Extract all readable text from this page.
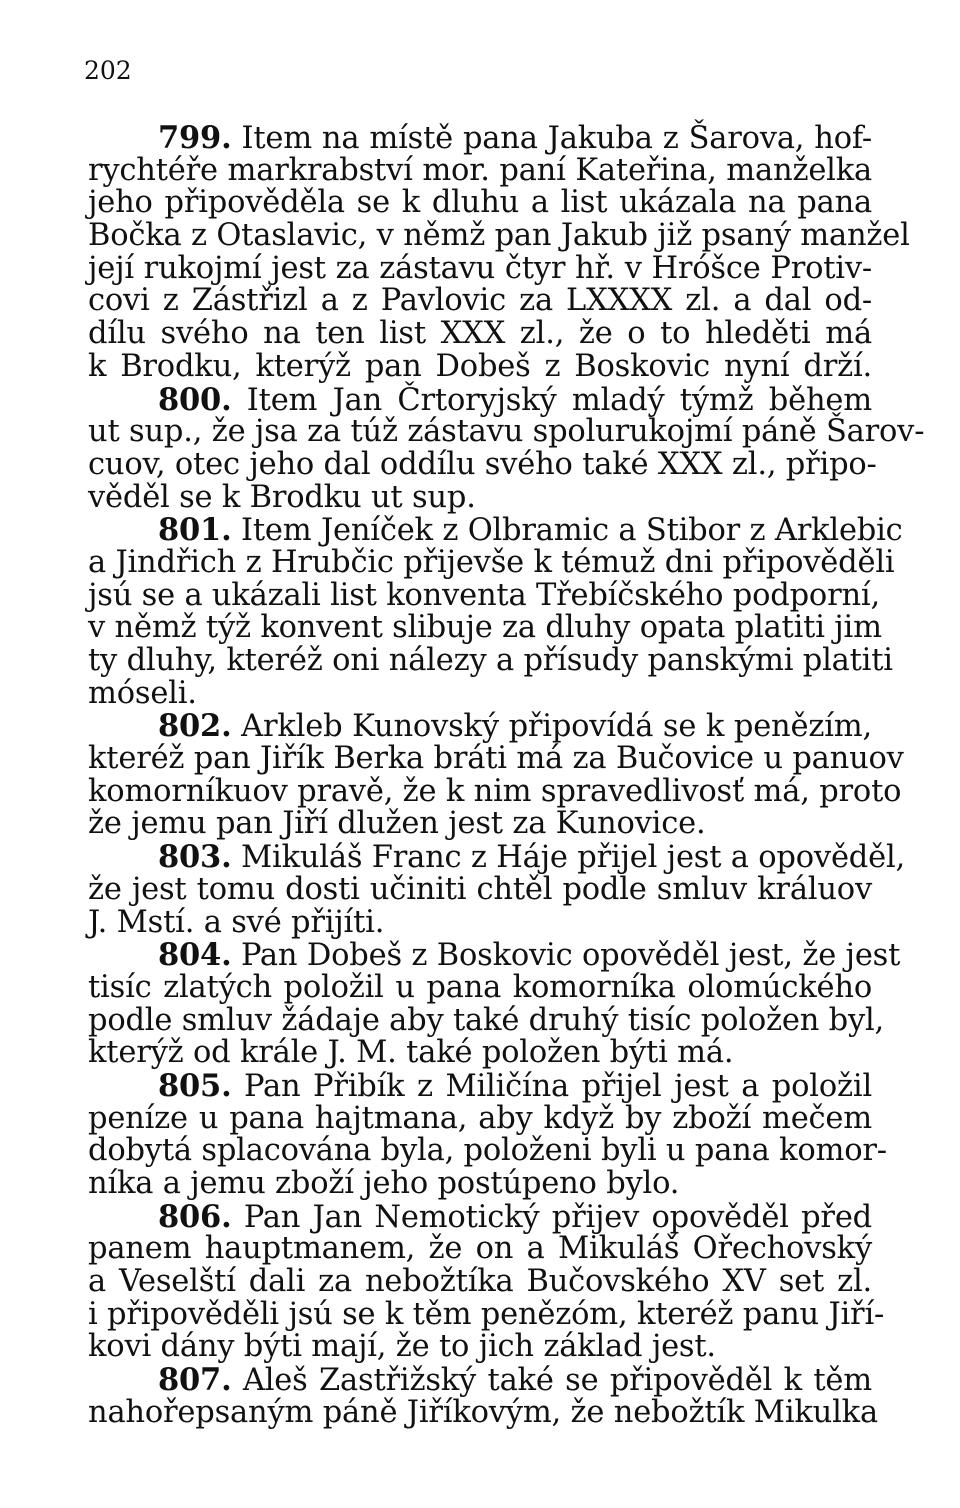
202
799. Item na místě pana Jakuba z Šarova, hof-
rychtéře markrabství mor. paní Kateřina, manželka
jeho připověděla se k dluhu a list ukázala na pana
Bočka z Otaslavic, v němž pan Jakub již psaný manžel
její rukojmí jest za zástavu čtyr hř. v Hróšce Protiv-
covi z Zástřizl a z Pavlovic za LXXXX zl. a dal od-
dílu svého na ten list XXX zl., že o to hleděti má
k Brodku, kterýž pan Dobeš z Boskovic nyní drží.
800. Item Jan Črtoryjský mladý týmž během
ut sup., že jsa za túž zástavu spolurukojmí páně Šarov-
cuov, otec jeho dal oddílu svého také XXX zl., připo-
věděl se k Brodku ut sup.
801. Item Jeníček z Olbramic a Stibor z Arklebic
a Jindřich z Hrubčic přijevše k témuž dni připověděli
jsú se a ukázali list konventa Třebíčského podporní,
v němž týž konvent slibuje za dluhy opata platiti jim
ty dluhy, kteréž oni nálezy a přísudy panskými platiti
móseli.
802. Arkleb Kunovský připovídá se k penězím,
kteréž pan Jiřík Berka bráti má za Bučovice u panuov
komorníkuov pravě, že k nim spravedlivosť má, proto
že jemu pan Jiří dlužen jest za Kunovice.
803. Mikuláš Franc z Háje přijel jest a opověděl,
že jest tomu dosti učiniti chtěl podle smluv králuov
J. Mstí. a své přijíti.
804. Pan Dobeš z Boskovic opověděl jest, že jest
tisíc zlatých položil u pana komorníka olomúckého
podle smluv žádaje aby také druhý tisíc položen byl,
kterýž od krále J. M. také položen býti má.
805. Pan Přibík z Miličína přijel jest a položil
peníze u pana hajtmana, aby když by zboží mečem
dobytá splacována byla, položeni byli u pana komor-
níka a jemu zboží jeho postúpeno bylo.
806. Pan Jan Nemotický přijev opověděl před
panem hauptmanem, že on a Mikuláš Ořechovský
a Veselští dali za nebožtíka Bučovského XV set zl.
i připověděli jsú se k těm penězóm, kteréž panu Jiří-
kovi dány býti mají, že to jich základ jest.
807. Aleš Zastřižský také se připověděl k těm
nahořepsaným páně Jiříkovým, že nebožtík Mikulka
